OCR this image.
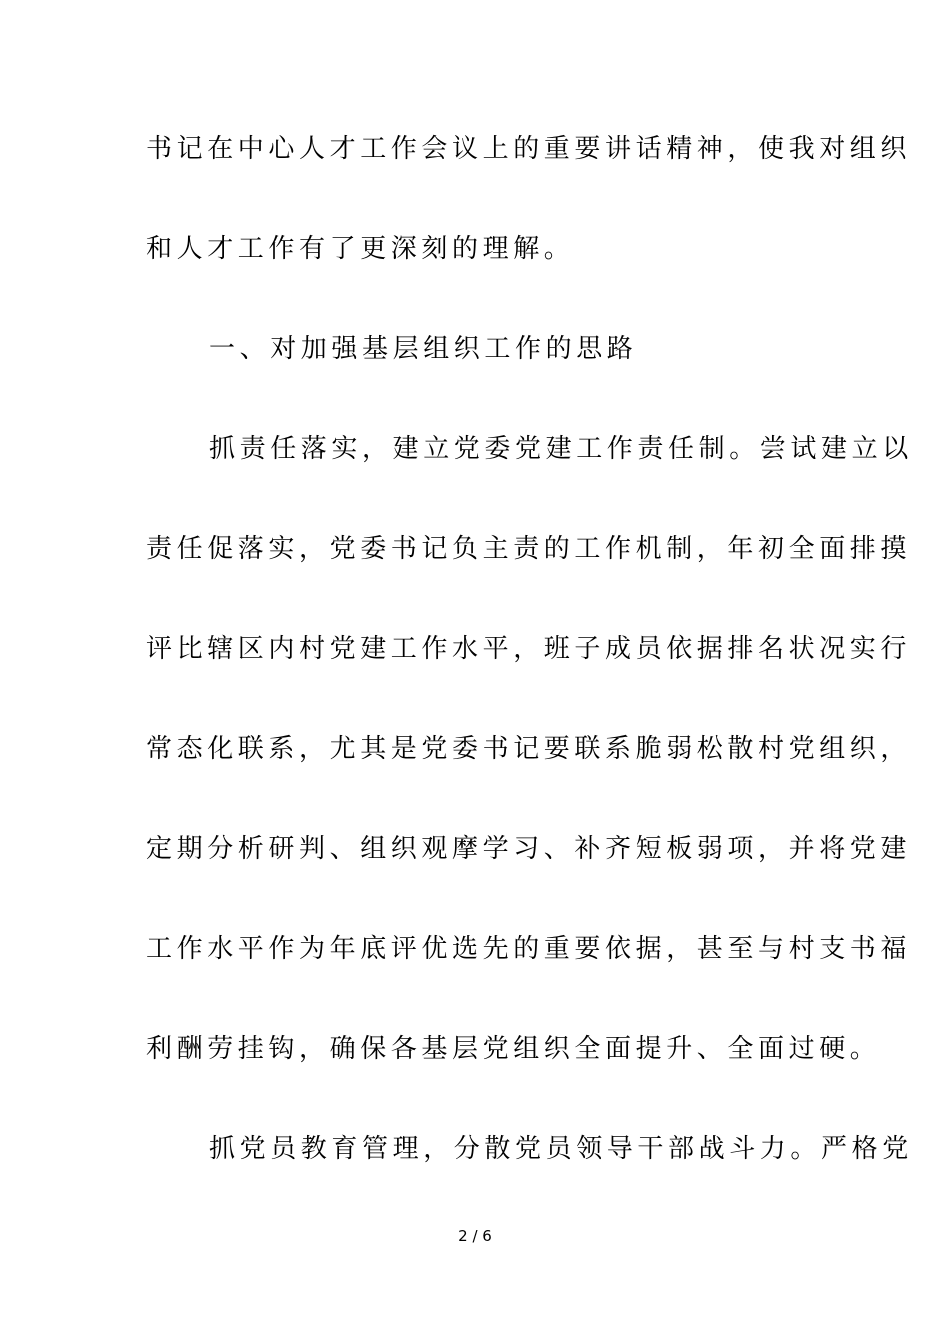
书记在中心人才工作会议上的重要讲话精神，使我对组织
和人才工作有了更深刻的理解。
一、对加强基层组织工作的思路
抓责任落实，建立党委党建工作责任制。尝试建立以
责任促落实，党委书记负主责的工作机制，年初全面排摸
评比辖区内村党建工作水平，班子成员依据排名状况实行
常态化联系，尤其是党委书记要联系脆弱松散村党组织，
定期分析研判、组织观摩学习、补齐短板弱项，并将党建
工作水平作为年底评优选先的重要依据，甚至与村支书福
利酬劳挂钩，确保各基层党组织全面提升、全面过硬。
抓党员教育管理，分散党员领导干部战斗力。严格党
2 / 6
